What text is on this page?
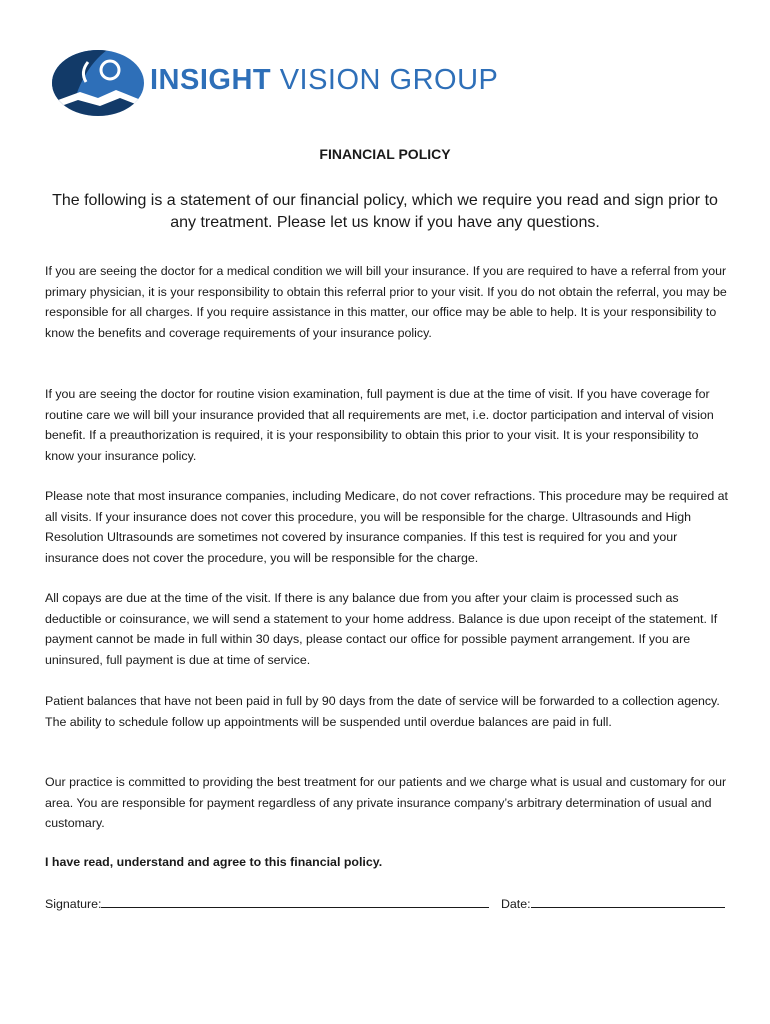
INSIGHT VISION GROUP
FINANCIAL POLICY
The following is a statement of our financial policy, which we require you read and sign prior to any treatment. Please let us know if you have any questions.

If you are seeing the doctor for a medical condition we will bill your insurance. If you are required to have a referral from your primary physician, it is your responsibility to obtain this referral prior to your visit. If you do not obtain the referral, you may be responsible for all charges. If you require assistance in this matter, our office may be able to help. It is your responsibility to know the benefits and coverage requirements of your insurance policy.

If you are seeing the doctor for routine vision examination, full payment is due at the time of visit. If you have coverage for routine care we will bill your insurance provided that all requirements are met, i.e. doctor participation and interval of vision benefit. If a preauthorization is required, it is your responsibility to obtain this prior to your visit. It is your responsibility to know your insurance policy.

Please note that most insurance companies, including Medicare, do not cover refractions. This procedure may be required at all visits. If your insurance does not cover this procedure, you will be responsible for the charge. Ultrasounds and High Resolution Ultrasounds are sometimes not covered by insurance companies. If this test is required for you and your insurance does not cover the procedure, you will be responsible for the charge.

All copays are due at the time of the visit. If there is any balance due from you after your claim is processed such as deductible or coinsurance, we will send a statement to your home address. Balance is due upon receipt of the statement. If payment cannot be made in full within 30 days, please contact our office for possible payment arrangement. If you are uninsured, full payment is due at time of service.

Patient balances that have not been paid in full by 90 days from the date of service will be forwarded to a collection agency. The ability to schedule follow up appointments will be suspended until overdue balances are paid in full.

Our practice is committed to providing the best treatment for our patients and we charge what is usual and customary for our area. You are responsible for payment regardless of any private insurance company’s arbitrary determination of usual and customary.

I have read, understand and agree to this financial policy.
Signature:	Date:
